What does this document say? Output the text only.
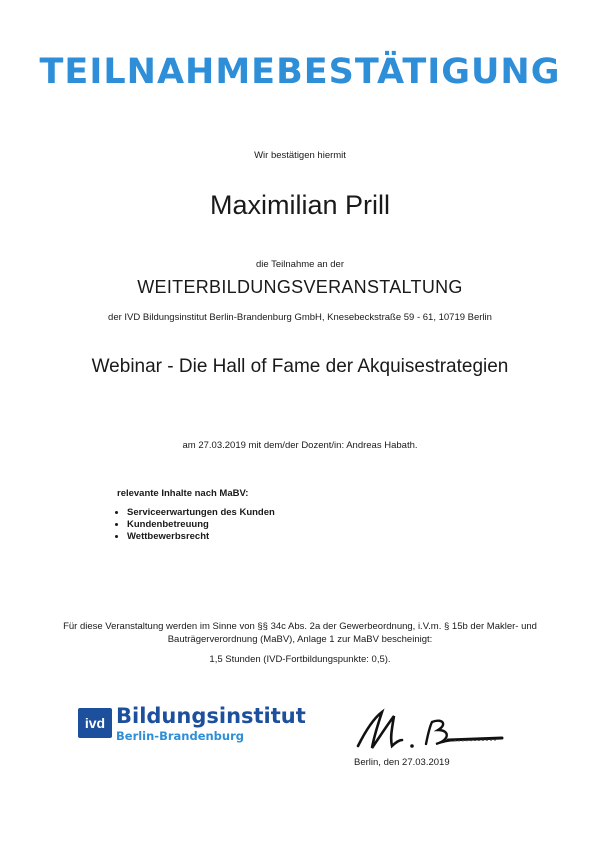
TEILNAHMEBESTÄTIGUNG
Wir bestätigen hiermit
Maximilian Prill
die Teilnahme an der
WEITERBILDUNGSVERANSTALTUNG
der IVD Bildungsinstitut Berlin-Brandenburg GmbH, Knesebeckstraße 59 - 61, 10719 Berlin
Webinar - Die Hall of Fame der Akquisestrategien
am 27.03.2019 mit dem/der Dozent/in: Andreas Habath.
relevante Inhalte nach MaBV:
• Serviceerwartungen des Kunden
• Kundenbetreuung
• Wettbewerbsrecht
Für diese Veranstaltung werden im Sinne von §§ 34c Abs. 2a der Gewerbeordnung, i.V.m. § 15b der Makler- und Bauträgerverordnung (MaBV), Anlage 1 zur MaBV bescheinigt:
1,5 Stunden (IVD-Fortbildungspunkte: 0,5).
ivd Bildungsinstitut
Berlin-Brandenburg
Berlin, den 27.03.2019
